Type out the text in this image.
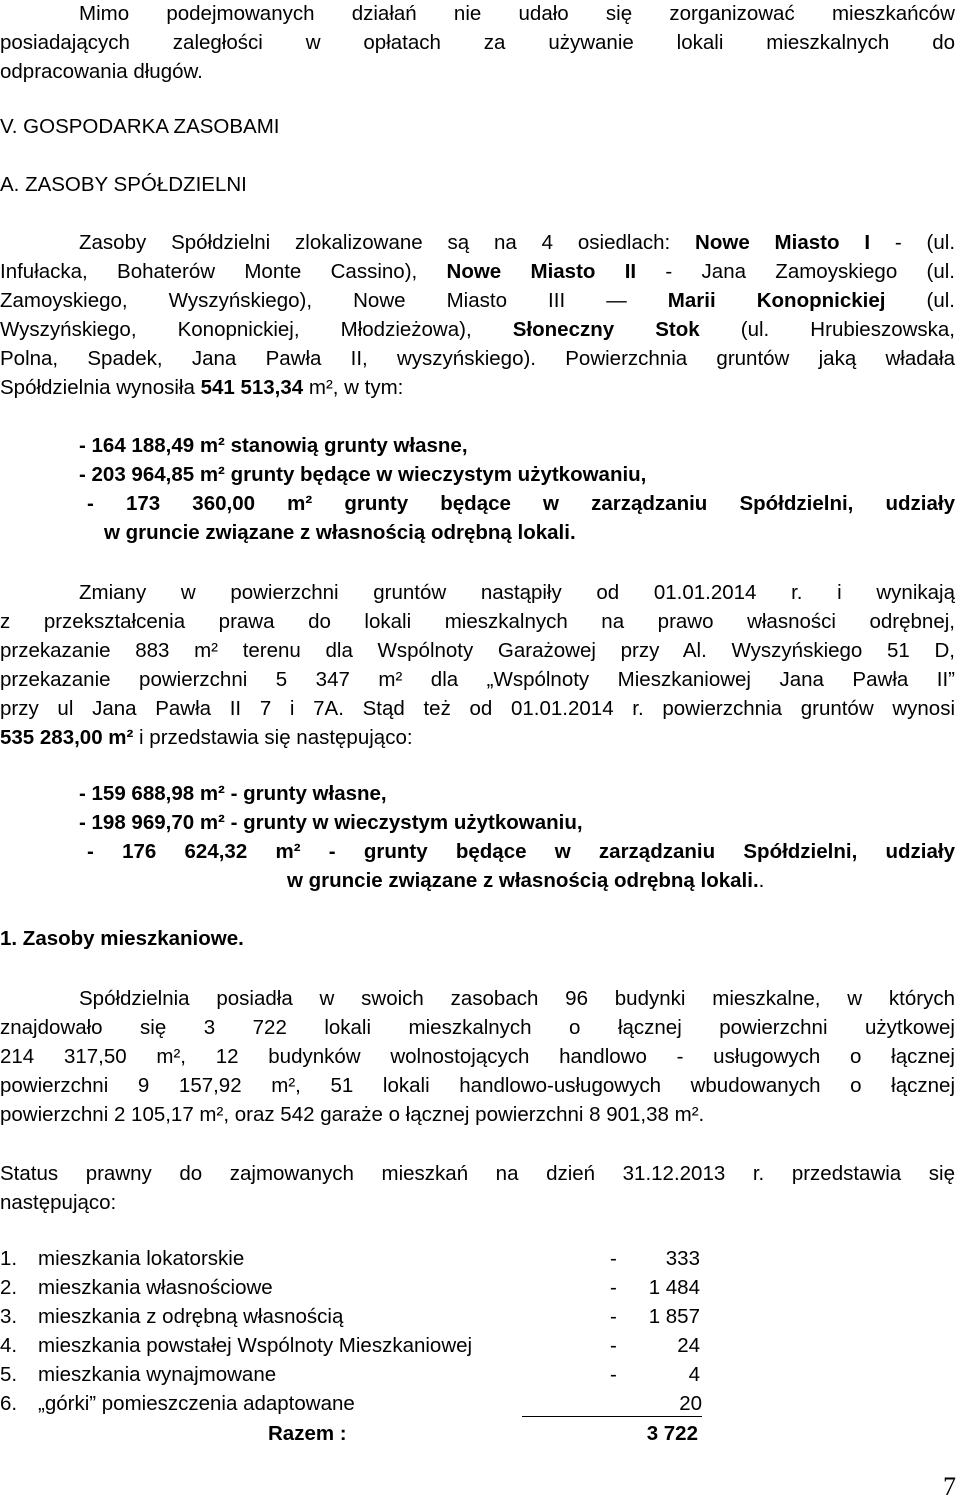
Mimo podejmowanych działań nie udało się zorganizować mieszkańców
posiadających zaległości w opłatach za używanie lokali mieszkalnych do
odpracowania długów.
V. GOSPODARKA ZASOBAMI
A. ZASOBY SPÓŁDZIELNI
Zasoby Spółdzielni zlokalizowane są na 4 osiedlach: Nowe Miasto I - (ul.
Infułacka, Bohaterów Monte Cassino), Nowe Miasto II - Jana Zamoyskiego (ul.
Zamoyskiego, Wyszyńskiego), Nowe Miasto III — Marii Konopnickiej (ul.
Wyszyńskiego, Konopnickiej, Młodzieżowa), Słoneczny Stok (ul. Hrubieszowska,
Polna, Spadek, Jana Pawła II, wyszyńskiego). Powierzchnia gruntów jaką władała
Spółdzielnia wynosiła 541 513,34 m², w tym:
- 164 188,49 m² stanowią grunty własne,
- 203 964,85 m² grunty będące w wieczystym użytkowaniu,
- 173 360,00 m² grunty będące w zarządzaniu Spółdzielni, udziały
w gruncie związane z własnością odrębną lokali.
Zmiany w powierzchni gruntów nastąpiły od 01.01.2014 r. i wynikają
z przekształcenia prawa do lokali mieszkalnych na prawo własności odrębnej,
przekazanie 883 m² terenu dla Wspólnoty Garażowej przy Al. Wyszyńskiego 51 D,
przekazanie powierzchni 5 347 m² dla „Wspólnoty Mieszkaniowej Jana Pawła II”
przy ul Jana Pawła II 7 i 7A. Stąd też od 01.01.2014 r. powierzchnia gruntów wynosi
535 283,00 m² i przedstawia się następująco:
- 159 688,98 m² - grunty własne,
- 198 969,70 m² - grunty w wieczystym użytkowaniu,
- 176 624,32 m² - grunty będące w zarządzaniu Spółdzielni, udziały
w gruncie związane z własnością odrębną lokali..
1. Zasoby mieszkaniowe.
Spółdzielnia posiadła w swoich zasobach 96 budynki mieszkalne, w których
znajdowało się 3 722 lokali mieszkalnych o łącznej powierzchni użytkowej
214 317,50 m², 12 budynków wolnostojących handlowo - usługowych o łącznej
powierzchni 9 157,92 m², 51 lokali handlowo-usługowych wbudowanych o łącznej
powierzchni 2 105,17 m², oraz 542 garaże o łącznej powierzchni 8 901,38 m².
Status prawny do zajmowanych mieszkań na dzień 31.12.2013 r. przedstawia się
następująco:
1. mieszkania lokatorskie	- 333
2. mieszkania własnościowe	- 1 484
3. mieszkania z odrębną własnością	- 1 857
4. mieszkania powstałej Wspólnoty Mieszkaniowej	-	24
5. mieszkania wynajmowane	-	4
6. „górki” pomieszczenia adaptowane	20
Razem :	3 722
7
